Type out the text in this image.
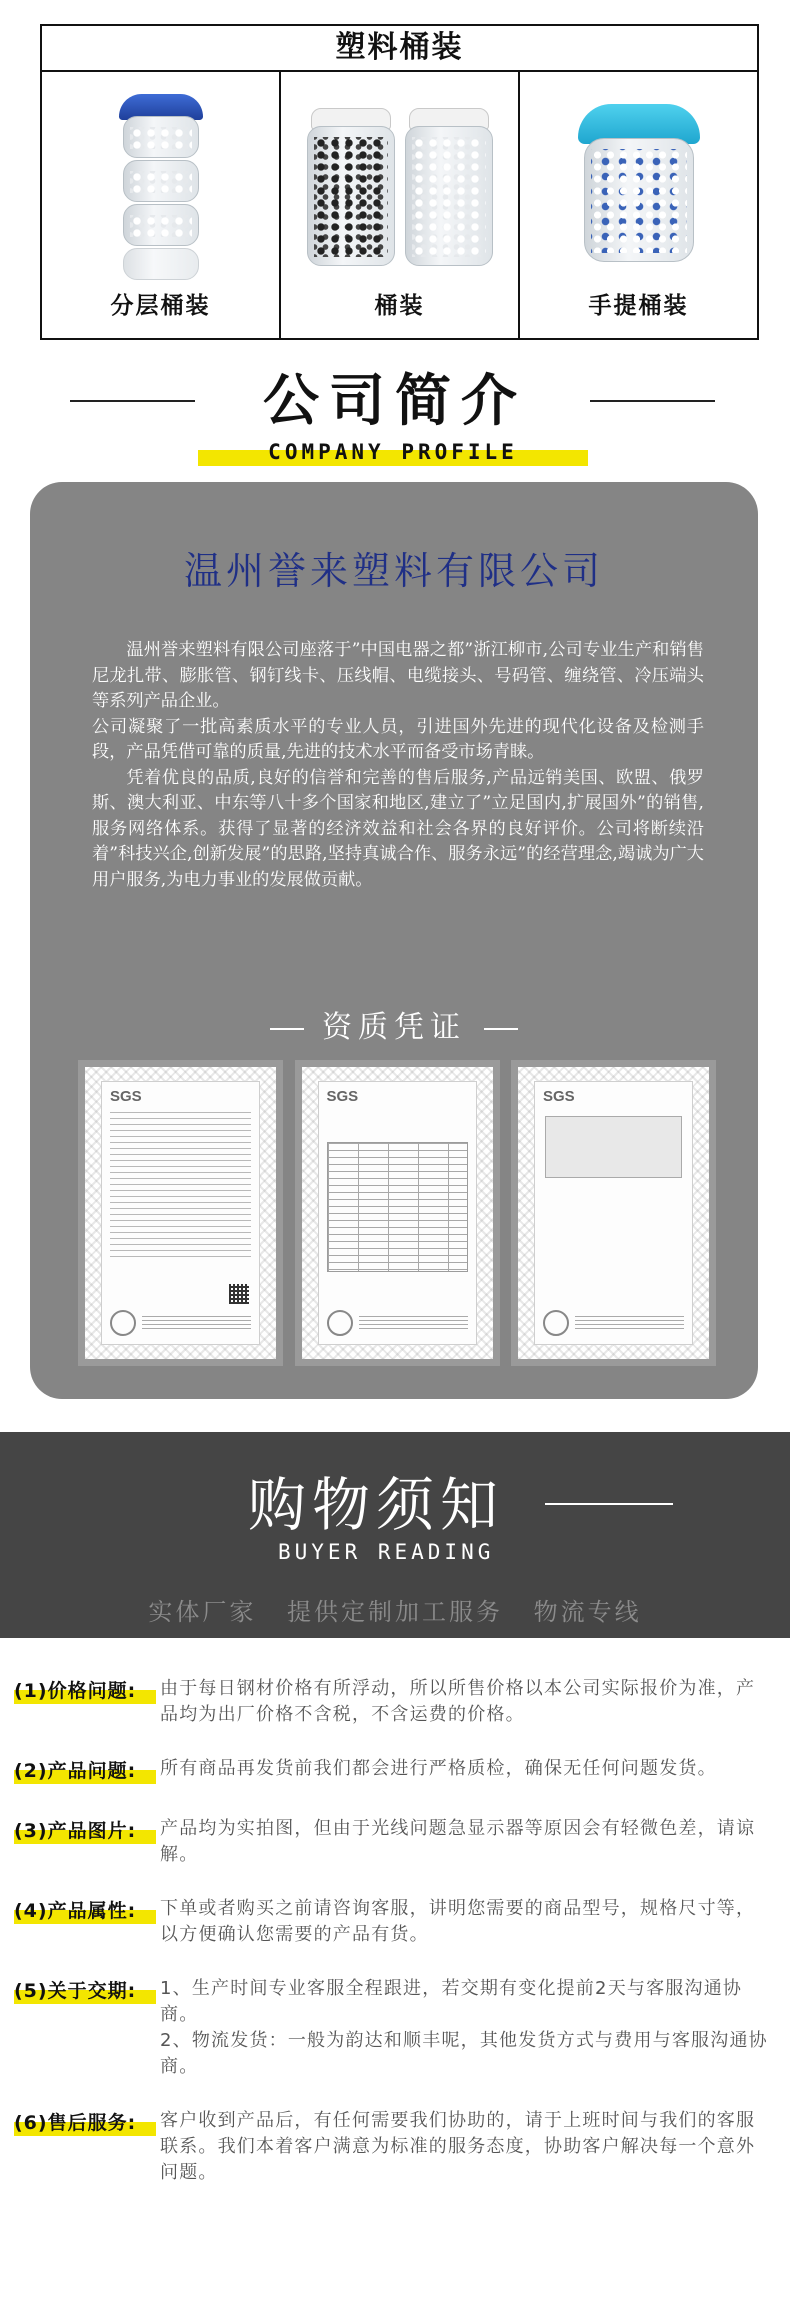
塑料桶装
分层桶装	桶装	手提桶装
公司简介
COMPANY PROFILE
温州誉来塑料有限公司

温州誉来塑料有限公司座落于”中国电器之都”浙江柳市,公司专业生产和销售尼龙扎带、膨胀管、钢钉线卡、压线帽、电缆接头、号码管、缠绕管、冷压端头等系列产品企业。

公司凝聚了一批高素质水平的专业人员，引进国外先进的现代化设备及检测手段，产品凭借可靠的质量,先进的技术水平而备受市场青睐。

凭着优良的品质,良好的信誉和完善的售后服务,产品远销美国、欧盟、俄罗斯、澳大利亚、中东等八十多个国家和地区,建立了”立足国内,扩展国外”的销售,服务网络体系。获得了显著的经济效益和社会各界的良好评价。公司将断续沿着”科技兴企,创新发展”的思路,坚持真诚合作、服务永远”的经营理念,竭诚为广大用户服务,为电力事业的发展做贡献。

资质凭证
SGS	SGS	SGS
购物须知
BUYER READING
实体厂家 提供定制加工服务 物流专线
(1)价格问题: 由于每日钢材价格有所浮动，所以所售价格以本公司实际报价为准，产品均为出厂价格不含税，不含运费的价格。

(2)产品问题: 所有商品再发货前我们都会进行严格质检，确保无任何问题发货。

(3)产品图片: 产品均为实拍图，但由于光线问题急显示器等原因会有轻微色差，请谅解。

(4)产品属性: 下单或者购买之前请咨询客服，讲明您需要的商品型号，规格尺寸等，以方便确认您需要的产品有货。

(5)关于交期: 1、生产时间专业客服全程跟进，若交期有变化提前2天与客服沟通协商。

2、物流发货：一般为韵达和顺丰呢，其他发货方式与费用与客服沟通协商。

(6)售后服务: 客户收到产品后，有任何需要我们协助的，请于上班时间与我们的客服联系。我们本着客户满意为标准的服务态度，协助客户解决每一个意外问题。
